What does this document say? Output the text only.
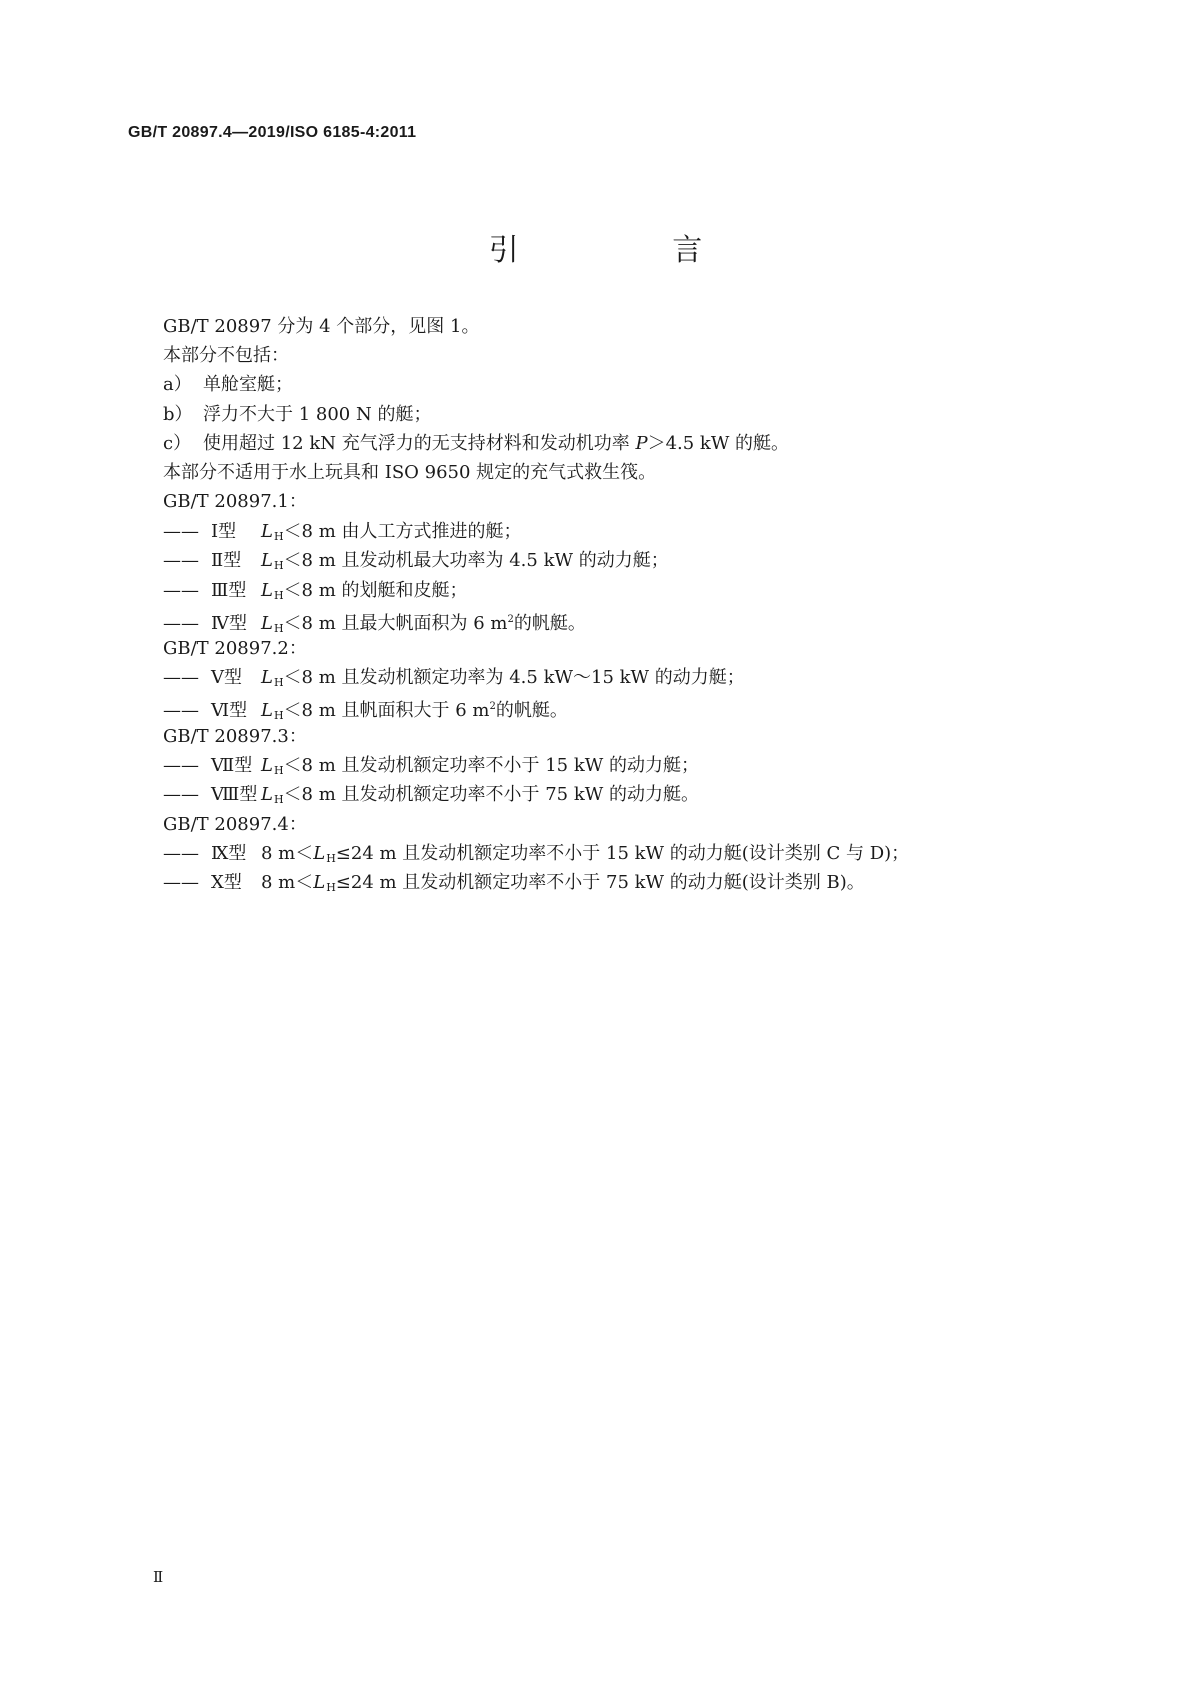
GB/T 20897.4—2019/ISO 6185-4:2011
引 言
GB/T 20897 分为 4 个部分，见图 1。
本部分不包括：
a） 单舱室艇；
b） 浮力不大于 1 800 N 的艇；
c） 使用超过 12 kN 充气浮力的无支持材料和发动机功率 P＞4.5 kW 的艇。
本部分不适用于水上玩具和 ISO 9650 规定的充气式救生筏。
GB/T 20897.1：
—— Ⅰ型 $L_H<8$ m 由人工方式推进的艇；
—— Ⅱ型 $L_H<8$ m 且发动机最大功率为 4.5 kW 的动力艇；
—— Ⅲ型 $L_H<8$ m 的划艇和皮艇；
—— Ⅳ型 $L_H<8$ m 且最大帆面积为 6 $m^2$的帆艇。
GB/T 20897.2：
—— Ⅴ型 $L_H<8$ m 且发动机额定功率为 4.5 kW～15 kW 的动力艇；
—— Ⅵ型 $L_H<8$ m 且帆面积大于 6 $m^2$的帆艇。
GB/T 20897.3：
—— Ⅶ型 $L_H<8$ m 且发动机额定功率不小于 15 kW 的动力艇；
—— Ⅷ型 $L_H<8$ m 且发动机额定功率不小于 75 kW 的动力艇。
GB/T 20897.4：
—— Ⅸ型 8 $m<L_H\le 24$ m 且发动机额定功率不小于 15 kW 的动力艇(设计类别 C 与 D)；
—— Ⅹ型 8 $m<L_H\le 24$ m 且发动机额定功率不小于 75 kW 的动力艇(设计类别 B)。
Ⅱ
